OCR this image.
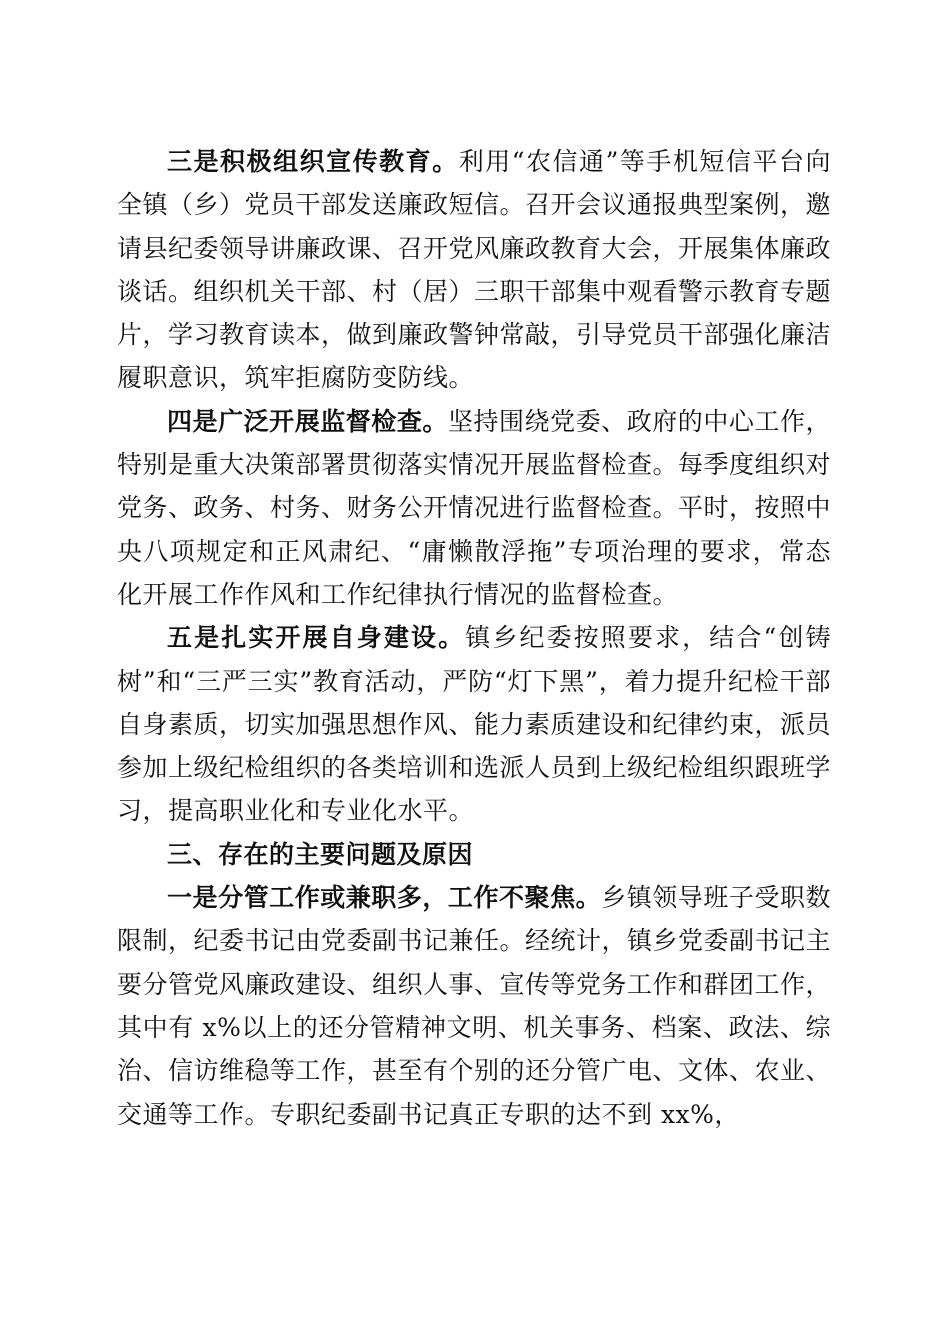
三是积极组织宣传教育。利用“农信通”等手机短信平台向全镇（乡）党员干部发送廉政短信。召开会议通报典型案例，邀请县纪委领导讲廉政课、召开党风廉政教育大会，开展集体廉政谈话。组织机关干部、村（居）三职干部集中观看警示教育专题片，学习教育读本，做到廉政警钟常敲，引导党员干部强化廉洁履职意识，筑牢拒腐防变防线。

四是广泛开展监督检查。坚持围绕党委、政府的中心工作，特别是重大决策部署贯彻落实情况开展监督检查。每季度组织对党务、政务、村务、财务公开情况进行监督检查。平时，按照中央八项规定和正风肃纪、“庸懒散浮拖”专项治理的要求，常态化开展工作作风和工作纪律执行情况的监督检查。

五是扎实开展自身建设。镇乡纪委按照要求，结合“创铸树”和“三严三实”教育活动，严防“灯下黑”，着力提升纪检干部自身素质，切实加强思想作风、能力素质建设和纪律约束，派员参加上级纪检组织的各类培训和选派人员到上级纪检组织跟班学习，提高职业化和专业化水平。

三、存在的主要问题及原因

一是分管工作或兼职多，工作不聚焦。乡镇领导班子受职数限制，纪委书记由党委副书记兼任。经统计，镇乡党委副书记主要分管党风廉政建设、组织人事、宣传等党务工作和群团工作，其中有 x%以上的还分管精神文明、机关事务、档案、政法、综治、信访维稳等工作，甚至有个别的还分管广电、文体、农业、交通等工作。专职纪委副书记真正专职的达不到 xx%，
